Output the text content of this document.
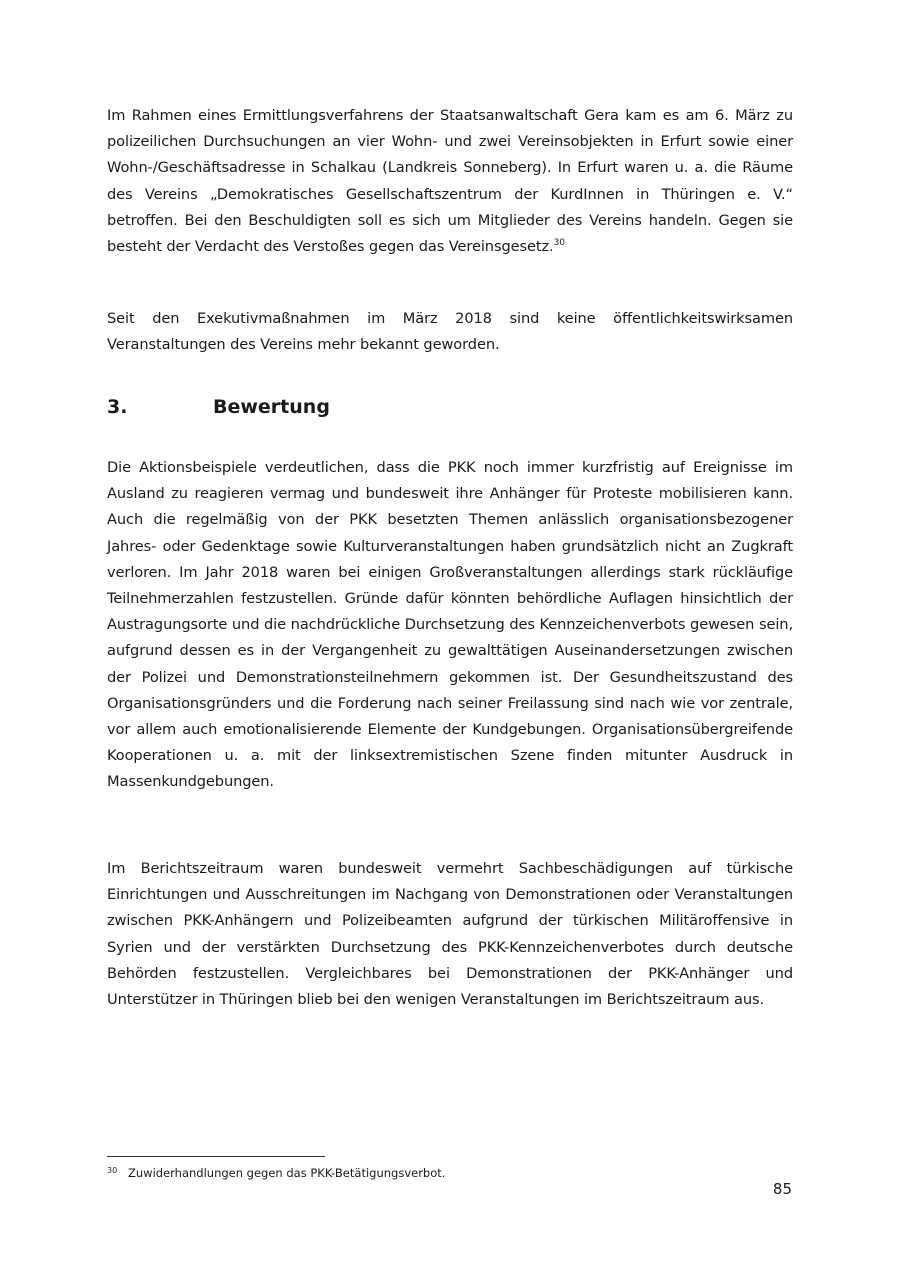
Im Rahmen eines Ermittlungsverfahrens der Staatsanwaltschaft Gera kam es am 6. März zu polizeilichen Durchsuchungen an vier Wohn- und zwei Vereinsobjekten in Erfurt sowie einer Wohn-/Geschäftsadresse in Schalkau (Landkreis Sonneberg). In Erfurt waren u. a. die Räume des Vereins „Demokratisches Gesellschaftszentrum der KurdInnen in Thüringen e. V.“ betroffen. Bei den Beschuldigten soll es sich um Mitglieder des Vereins handeln. Gegen sie besteht der Verdacht des Verstoßes gegen das Vereinsgesetz.$^{30}$

Seit den Exekutivmaßnahmen im März 2018 sind keine öffentlichkeitswirksamen Veranstaltungen des Vereins mehr bekannt geworden.

3.	Bewertung

Die Aktionsbeispiele verdeutlichen, dass die PKK noch immer kurzfristig auf Ereignisse im Ausland zu reagieren vermag und bundesweit ihre Anhänger für Proteste mobilisieren kann. Auch die regelmäßig von der PKK besetzten Themen anlässlich organisationsbezogener Jahres- oder Gedenktage sowie Kulturveranstaltungen haben grundsätzlich nicht an Zugkraft verloren. Im Jahr 2018 waren bei einigen Großveranstaltungen allerdings stark rückläufige Teilnehmerzahlen festzustellen. Gründe dafür könnten behördliche Auflagen hinsichtlich der Austragungsorte und die nachdrückliche Durchsetzung des Kennzeichenverbots gewesen sein, aufgrund dessen es in der Vergangenheit zu gewalttätigen Auseinandersetzungen zwischen der Polizei und Demonstrationsteilnehmern gekommen ist. Der Gesundheitszustand des Organisationsgründers und die Forderung nach seiner Freilassung sind nach wie vor zentrale, vor allem auch emotionalisierende Elemente der Kundgebungen. Organisationsübergreifende Kooperationen u. a. mit der linksextremistischen Szene finden mitunter Ausdruck in Massenkundgebungen.

Im Berichtszeitraum waren bundesweit vermehrt Sachbeschädigungen auf türkische Einrichtungen und Ausschreitungen im Nachgang von Demonstrationen oder Veranstaltungen zwischen PKK-Anhängern und Polizeibeamten aufgrund der türkischen Militäroffensive in Syrien und der verstärkten Durchsetzung des PKK-Kennzeichenverbotes durch deutsche Behörden festzustellen. Vergleichbares bei Demonstrationen der PKK-Anhänger und Unterstützer in Thüringen blieb bei den wenigen Veranstaltungen im Berichtszeitraum aus.

30 Zuwiderhandlungen gegen das PKK-Betätigungsverbot.
85
